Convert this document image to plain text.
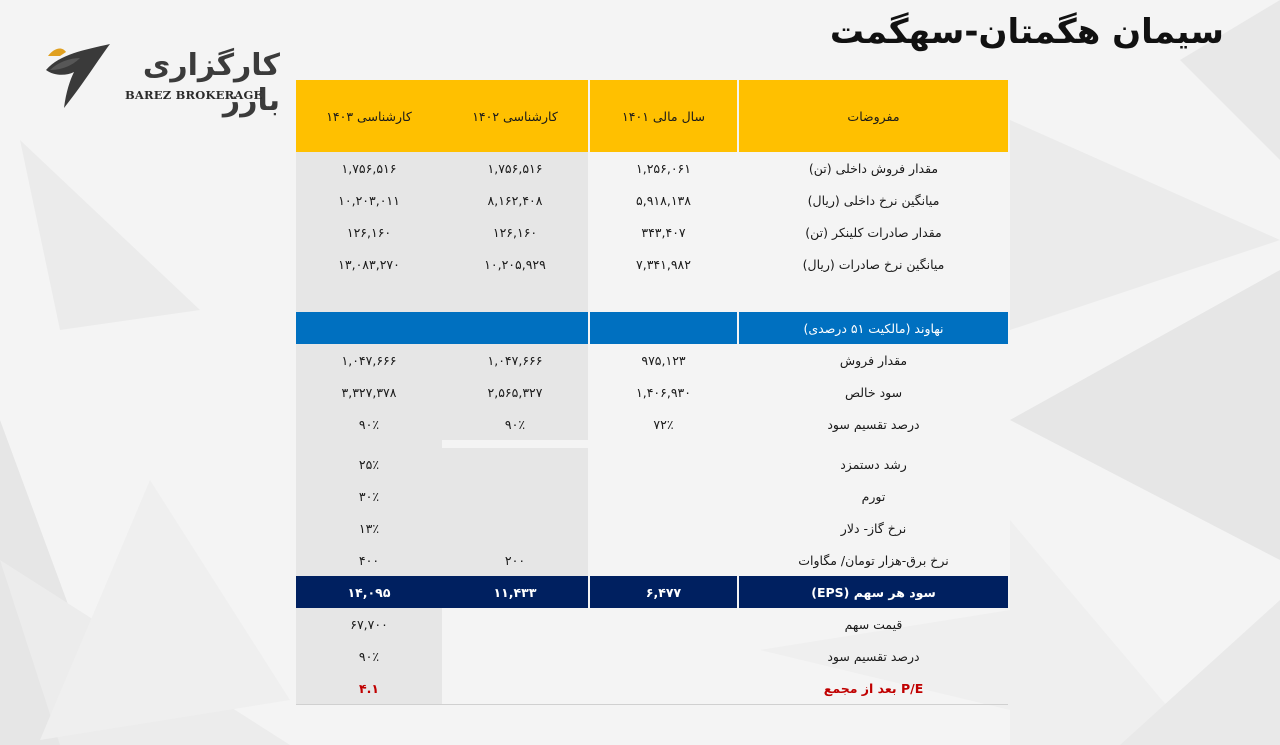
سیمان هگمتان-سهگمت
کارگزاری بارز
BAREZ BROKERAGE
مفروضات
سال مالی ۱۴۰۱
کارشناسی ۱۴۰۲
کارشناسی ۱۴۰۳
مقدار فروش داخلی (تن)
۱,۲۵۶,۰۶۱
۱,۷۵۶,۵۱۶
۱,۷۵۶,۵۱۶
میانگین نرخ داخلی (ریال)
۵,۹۱۸,۱۳۸
۸,۱۶۲,۴۰۸
۱۰,۲۰۳,۰۱۱
مقدار صادرات کلینکر (تن)
۳۴۳,۴۰۷
۱۲۶,۱۶۰
۱۲۶,۱۶۰
میانگین نرخ صادرات (ریال)
۷,۳۴۱,۹۸۲
۱۰,۲۰۵,۹۲۹
۱۳,۰۸۳,۲۷۰
نهاوند (مالکیت ۵۱ درصدی)
مقدار فروش
۹۷۵,۱۲۳
۱,۰۴۷,۶۶۶
۱,۰۴۷,۶۶۶
سود خالص
۱,۴۰۶,۹۳۰
۲,۵۶۵,۳۲۷
۳,۳۲۷,۳۷۸
درصد تقسیم سود
۷۲٪
۹۰٪
۹۰٪
رشد دستمزد
۲۵٪
تورم
۳۰٪
نرخ گاز- دلار
۱۳٪
نرخ برق-هزار تومان/ مگاوات
۲۰۰
۴۰۰
سود هر سهم (EPS)
۶,۴۷۷
۱۱,۴۳۳
۱۴,۰۹۵
قیمت سهم
۶۷,۷۰۰
درصد تقسیم سود
۹۰٪
P/E بعد از مجمع
۴.۱
